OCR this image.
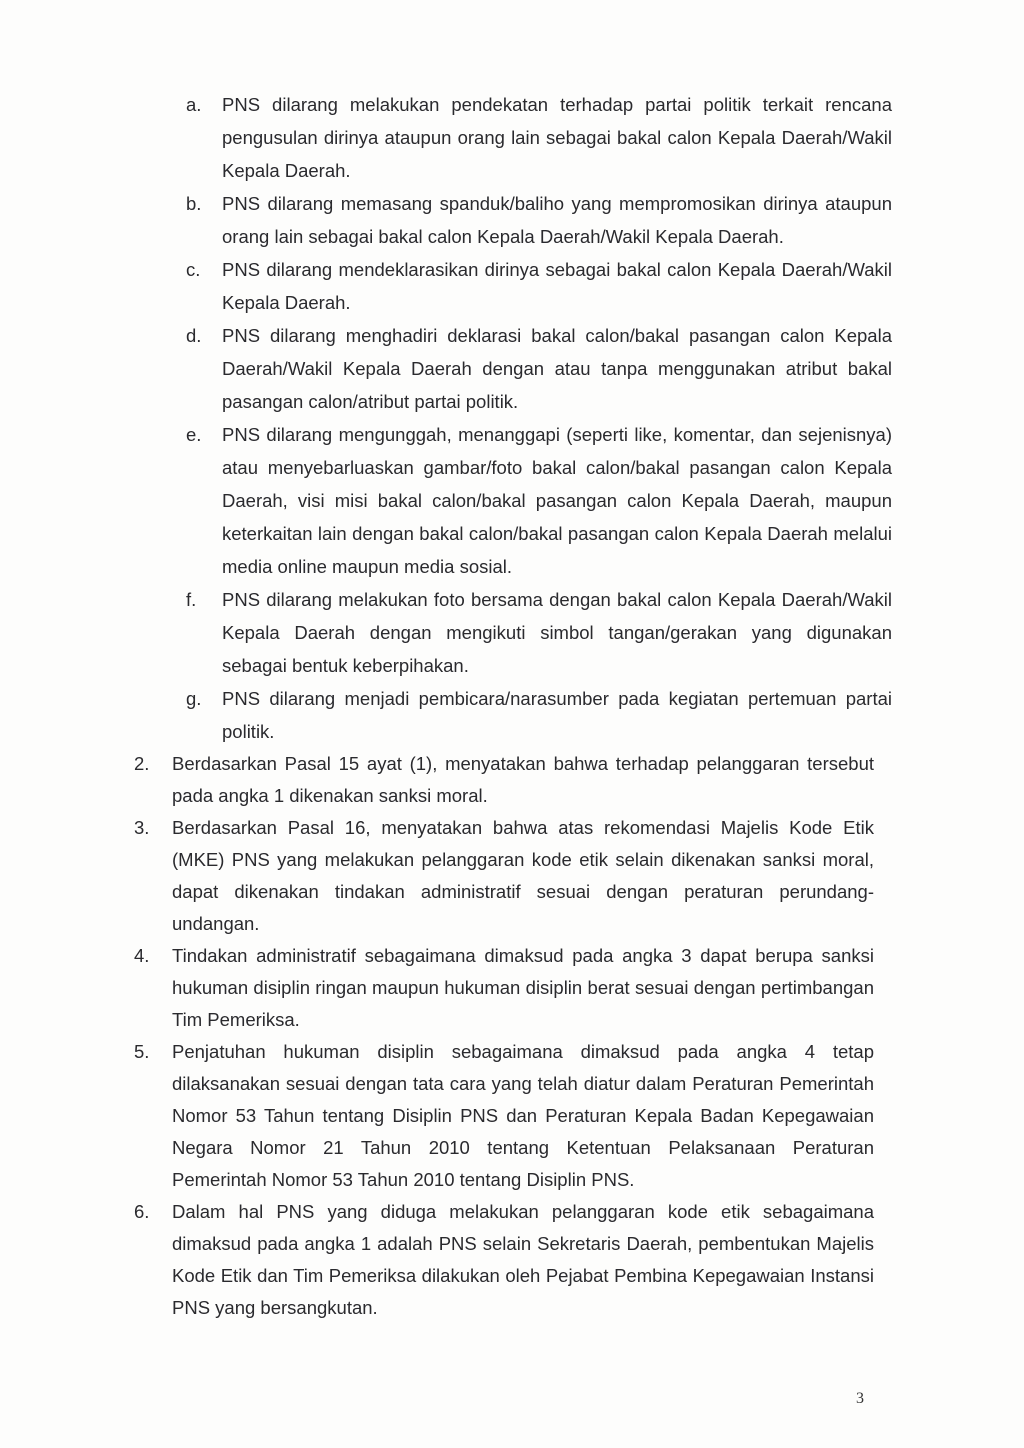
a.	PNS dilarang melakukan pendekatan terhadap partai politik terkait rencana pengusulan dirinya ataupun orang lain sebagai bakal calon Kepala Daerah/Wakil Kepala Daerah.
b.	PNS dilarang memasang spanduk/baliho yang mempromosikan dirinya ataupun orang lain sebagai bakal calon Kepala Daerah/Wakil Kepala Daerah.
c.	PNS dilarang mendeklarasikan dirinya sebagai bakal calon Kepala Daerah/Wakil Kepala Daerah.
d.	PNS dilarang menghadiri deklarasi bakal calon/bakal pasangan calon Kepala Daerah/Wakil Kepala Daerah dengan atau tanpa menggunakan atribut bakal pasangan calon/atribut partai politik.
e.	PNS dilarang mengunggah, menanggapi (seperti like, komentar, dan sejenisnya) atau menyebarluaskan gambar/foto bakal calon/bakal pasangan calon Kepala Daerah, visi misi bakal calon/bakal pasangan calon Kepala Daerah, maupun keterkaitan lain dengan bakal calon/bakal pasangan calon Kepala Daerah melalui media online maupun media sosial.
f.	PNS dilarang melakukan foto bersama dengan bakal calon Kepala Daerah/Wakil Kepala Daerah dengan mengikuti simbol tangan/gerakan yang digunakan sebagai bentuk keberpihakan.
g.	PNS dilarang menjadi pembicara/narasumber pada kegiatan pertemuan partai politik.
2.	Berdasarkan Pasal 15 ayat (1), menyatakan bahwa terhadap pelanggaran tersebut pada angka 1 dikenakan sanksi moral.
3.	Berdasarkan Pasal 16, menyatakan bahwa atas rekomendasi Majelis Kode Etik (MKE) PNS yang melakukan pelanggaran kode etik selain dikenakan sanksi moral, dapat dikenakan tindakan administratif sesuai dengan peraturan perundang-undangan.
4.	Tindakan administratif sebagaimana dimaksud pada angka 3 dapat berupa sanksi hukuman disiplin ringan maupun hukuman disiplin berat sesuai dengan pertimbangan Tim Pemeriksa.
5.	Penjatuhan hukuman disiplin sebagaimana dimaksud pada angka 4 tetap dilaksanakan sesuai dengan tata cara yang telah diatur dalam Peraturan Pemerintah Nomor 53 Tahun tentang Disiplin PNS dan Peraturan Kepala Badan Kepegawaian Negara Nomor 21 Tahun 2010 tentang Ketentuan Pelaksanaan Peraturan Pemerintah Nomor 53 Tahun 2010 tentang Disiplin PNS.
6.	Dalam hal PNS yang diduga melakukan pelanggaran kode etik sebagaimana dimaksud pada angka 1 adalah PNS selain Sekretaris Daerah, pembentukan Majelis Kode Etik dan Tim Pemeriksa dilakukan oleh Pejabat Pembina Kepegawaian Instansi PNS yang bersangkutan.
3
